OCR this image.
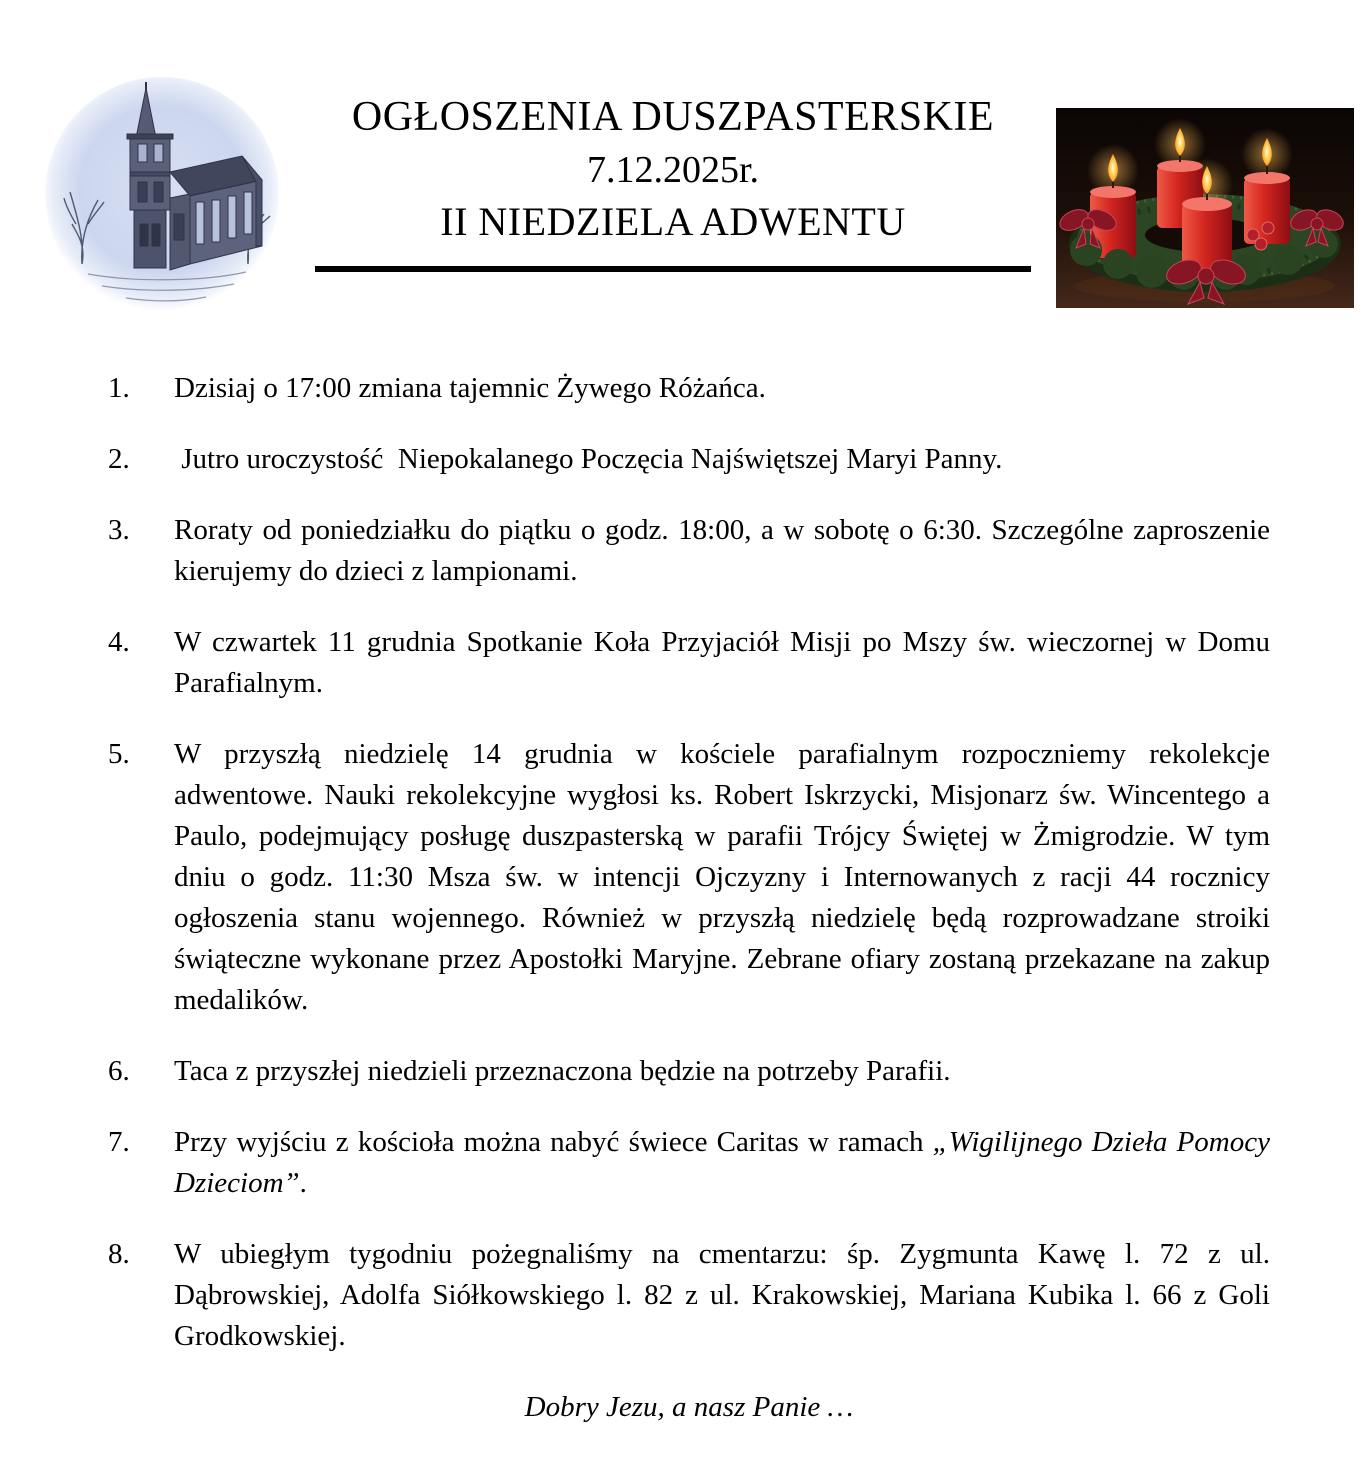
OGŁOSZENIA DUSZPASTERSKIE
7.12.2025r.
II NIEDZIELA ADWENTU
1.	Dzisiaj o 17:00 zmiana tajemnic Żywego Różańca.
2.	Jutro uroczystość  Niepokalanego Poczęcia Najświętszej Maryi Panny.
3.	Roraty od poniedziałku do piątku o godz. 18:00, a w sobotę o 6:30. Szczególne zaproszenie kierujemy do dzieci z lampionami.
4.	W czwartek 11 grudnia Spotkanie Koła Przyjaciół Misji po Mszy św. wieczornej w Domu Parafialnym.
5.	W przyszłą niedzielę 14 grudnia w kościele parafialnym rozpoczniemy rekolekcje adwentowe. Nauki rekolekcyjne wygłosi ks. Robert Iskrzycki, Misjonarz św. Wincentego a Paulo, podejmujący posługę duszpasterską w parafii Trójcy Świętej w Żmigrodzie. W tym dniu o godz. 11:30 Msza św. w intencji Ojczyzny i Internowanych z racji 44 rocznicy ogłoszenia stanu wojennego. Również w przyszłą niedzielę będą rozprowadzane stroiki świąteczne wykonane przez Apostołki Maryjne. Zebrane ofiary zostaną przekazane na zakup medalików.
6.	Taca z przyszłej niedzieli przeznaczona będzie na potrzeby Parafii.
7.	Przy wyjściu z kościoła można nabyć świece Caritas w ramach „Wigilijnego Dzieła Pomocy Dzieciom”.
8.	W ubiegłym tygodniu pożegnaliśmy na cmentarzu: śp. Zygmunta Kawę l. 72 z ul. Dąbrowskiej, Adolfa Siółkowskiego l. 82 z ul. Krakowskiej, Mariana Kubika l. 66 z Goli Grodkowskiej.
Dobry Jezu, a nasz Panie …
